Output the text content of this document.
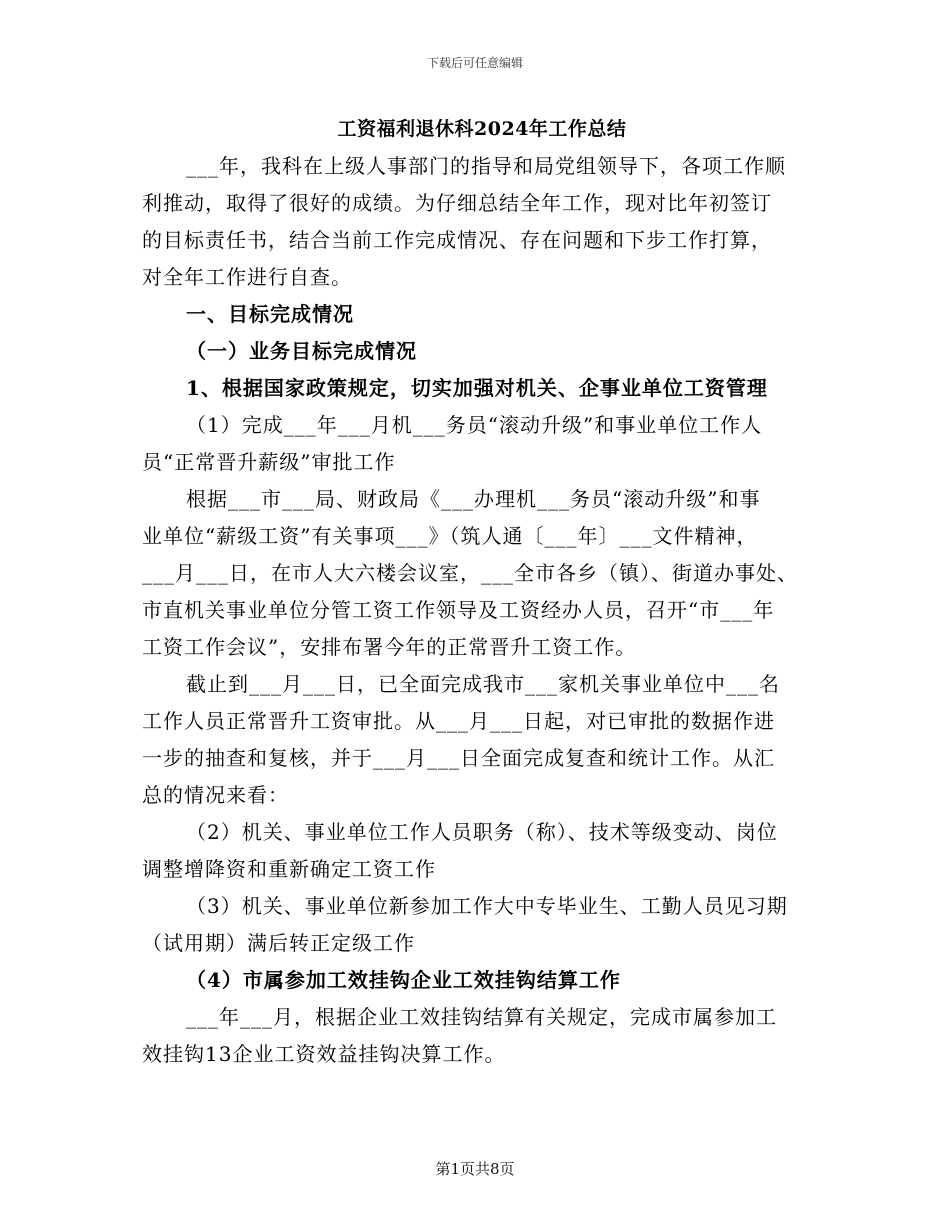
下载后可任意编辑
工资福利退休科2024年工作总结

___年，我科在上级人事部门的指导和局党组领导下，各项工作顺

利推动，取得了很好的成绩。为仔细总结全年工作，现对比年初签订

的目标责任书，结合当前工作完成情况、存在问题和下步工作打算，

对全年工作进行自查。

一、目标完成情况

（一）业务目标完成情况

1、根据国家政策规定，切实加强对机关、企事业单位工资管理

（1）完成___年___月机___务员“滚动升级”和事业单位工作人

员“正常晋升薪级”审批工作

根据___市___局、财政局《___办理机___务员“滚动升级”和事

业单位“薪级工资”有关事项___》（筑人通〔___年〕___文件精神，

___月___日，在市人大六楼会议室，___全市各乡（镇）、街道办事处、

市直机关事业单位分管工资工作领导及工资经办人员，召开“市___年

工资工作会议”，安排布署今年的正常晋升工资工作。

截止到___月___日，已全面完成我市___家机关事业单位中___名

工作人员正常晋升工资审批。从___月___日起，对已审批的数据作进

一步的抽查和复核，并于___月___日全面完成复查和统计工作。从汇

总的情况来看：

（2）机关、事业单位工作人员职务（称）、技术等级变动、岗位

调整增降资和重新确定工资工作

（3）机关、事业单位新参加工作大中专毕业生、工勤人员见习期

（试用期）满后转正定级工作

（4）市属参加工效挂钩企业工效挂钩结算工作

___年___月，根据企业工效挂钩结算有关规定，完成市属参加工

效挂钩13企业工资效益挂钩决算工作。

第1页共8页
